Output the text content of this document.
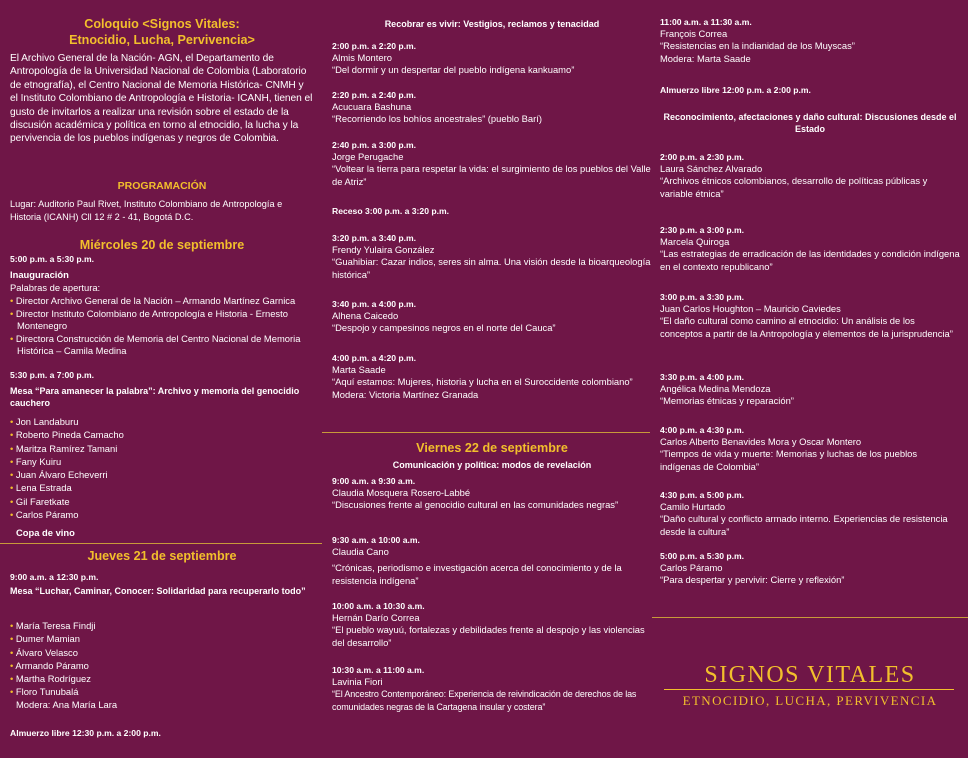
Coloquio <Signos Vitales:

Etnocidio, Lucha, Pervivencia>

El Archivo General de la Nación- AGN, el Departamento de Antropología de la Universidad Nacional de Colombia (Laboratorio de etnografía), el Centro Nacional de Memoria Histórica- CNMH y el Instituto Colombiano de Antropología e Historia- ICANH, tienen el gusto de invitarlos a realizar una revisión sobre el estado de la discusión académica y política en torno al etnocidio, la lucha y la pervivencia de los pueblos indígenas y negros de Colombia.

PROGRAMACIÓN

Lugar: Auditorio Paul Rivet, Instituto Colombiano de Antropología e Historia (ICANH) Cll 12 # 2 - 41, Bogotá D.C.

Miércoles 20 de septiembre

5:00 p.m. a 5:30 p.m.

Inauguración

Palabras de apertura:

• Director Archivo General de la Nación – Armando Martínez Garnica
• Director Instituto Colombiano de Antropología e Historia - Ernesto Montenegro
• Directora Construcción de Memoria del Centro Nacional de Memoria Histórica – Camila Medina

5:30 p.m. a 7:00 p.m.

Mesa “Para amanecer la palabra”: Archivo y memoria del genocidio cauchero

• Jon Landaburu
• Roberto Pineda Camacho
• Maritza Ramírez Tamani
• Fany Kuiru
• Juan Álvaro Echeverri
• Lena Estrada
• Gil Faretkate
• Carlos Páramo

Copa de vino

Jueves 21 de septiembre

9:00 a.m. a 12:30 p.m.

Mesa “Luchar, Caminar, Conocer: Solidaridad para recuperarlo todo”

• María Teresa Findji
• Dumer Mamian
• Álvaro Velasco
• Armando Páramo
• Martha Rodríguez
• Floro Tunubalá

Modera: Ana María Lara

Almuerzo libre 12:30 p.m. a 2:00 p.m.

Recobrar es vivir: Vestigios, reclamos y tenacidad

2:00 p.m. a 2:20 p.m.

Almis Montero

“Del dormir y un despertar del pueblo indígena kankuamo”

2:20 p.m. a 2:40 p.m.

Acucuara Bashuna

“Recorriendo los bohíos ancestrales” (pueblo Barí)

2:40 p.m. a 3:00 p.m.

Jorge Perugache

“Voltear la tierra para respetar la vida: el surgimiento de los pueblos del Valle de Atriz”

Receso 3:00 p.m. a 3:20 p.m.

3:20 p.m. a 3:40 p.m.

Frendy Yulaira González

“Guahibiar: Cazar indios, seres sin alma. Una visión desde la bioarqueología histórica”

3:40 p.m. a 4:00 p.m.

Alhena Caicedo

“Despojo y campesinos negros en el norte del Cauca”

4:00 p.m. a 4:20 p.m.

Marta Saade

“Aquí estamos: Mujeres, historia y lucha en el Suroccidente colombiano”

Modera: Victoria Martínez Granada

Viernes 22 de septiembre

Comunicación y política: modos de revelación

9:00 a.m. a 9:30 a.m.

Claudia Mosquera Rosero-Labbé

“Discusiones frente al genocidio cultural en las comunidades negras”

9:30 a.m. a 10:00 a.m.

Claudia Cano

“Crónicas, periodismo e investigación acerca del conocimiento y de la resistencia indígena”

10:00 a.m. a 10:30 a.m.

Hernán Darío Correa

“El pueblo wayuú, fortalezas y debilidades frente al despojo y las violencias del desarrollo”

10:30 a.m. a 11:00 a.m.

Lavinia Fiori

“El Ancestro Contemporáneo: Experiencia de reivindicación de derechos de las comunidades negras de la Cartagena insular y costera”

11:00 a.m. a 11:30 a.m.

François Correa

“Resistencias en la indianidad de los Muyscas”

Modera: Marta Saade

Almuerzo libre 12:00 p.m. a 2:00 p.m.

Reconocimiento, afectaciones y daño cultural: Discusiones desde el Estado

2:00 p.m. a 2:30 p.m.

Laura Sánchez Alvarado

“Archivos étnicos colombianos, desarrollo de políticas públicas y variable étnica”

2:30 p.m. a 3:00 p.m.

Marcela Quiroga

“Las estrategias de erradicación de las identidades y condición indígena en el contexto republicano”

3:00 p.m. a 3:30 p.m.

Juan Carlos Houghton – Mauricio Caviedes

“El daño cultural como camino al etnocidio: Un análisis de los conceptos a partir de la Antropología y elementos de la jurisprudencia”

3:30 p.m. a 4:00 p.m.

Angélica Medina Mendoza

“Memorias étnicas y reparación”

4:00 p.m. a 4:30 p.m.

Carlos Alberto Benavides Mora y Oscar Montero

“Tiempos de vida y muerte: Memorias y luchas de los pueblos indígenas de Colombia”

4:30 p.m. a 5:00 p.m.

Camilo Hurtado

“Daño cultural y conflicto armado interno. Experiencias de resistencia desde la cultura”

5:00 p.m. a 5:30 p.m.

Carlos Páramo

“Para despertar y pervivir: Cierre y reflexión”

SIGNOS VITALES
ETNOCIDIO, LUCHA, PERVIVENCIA
